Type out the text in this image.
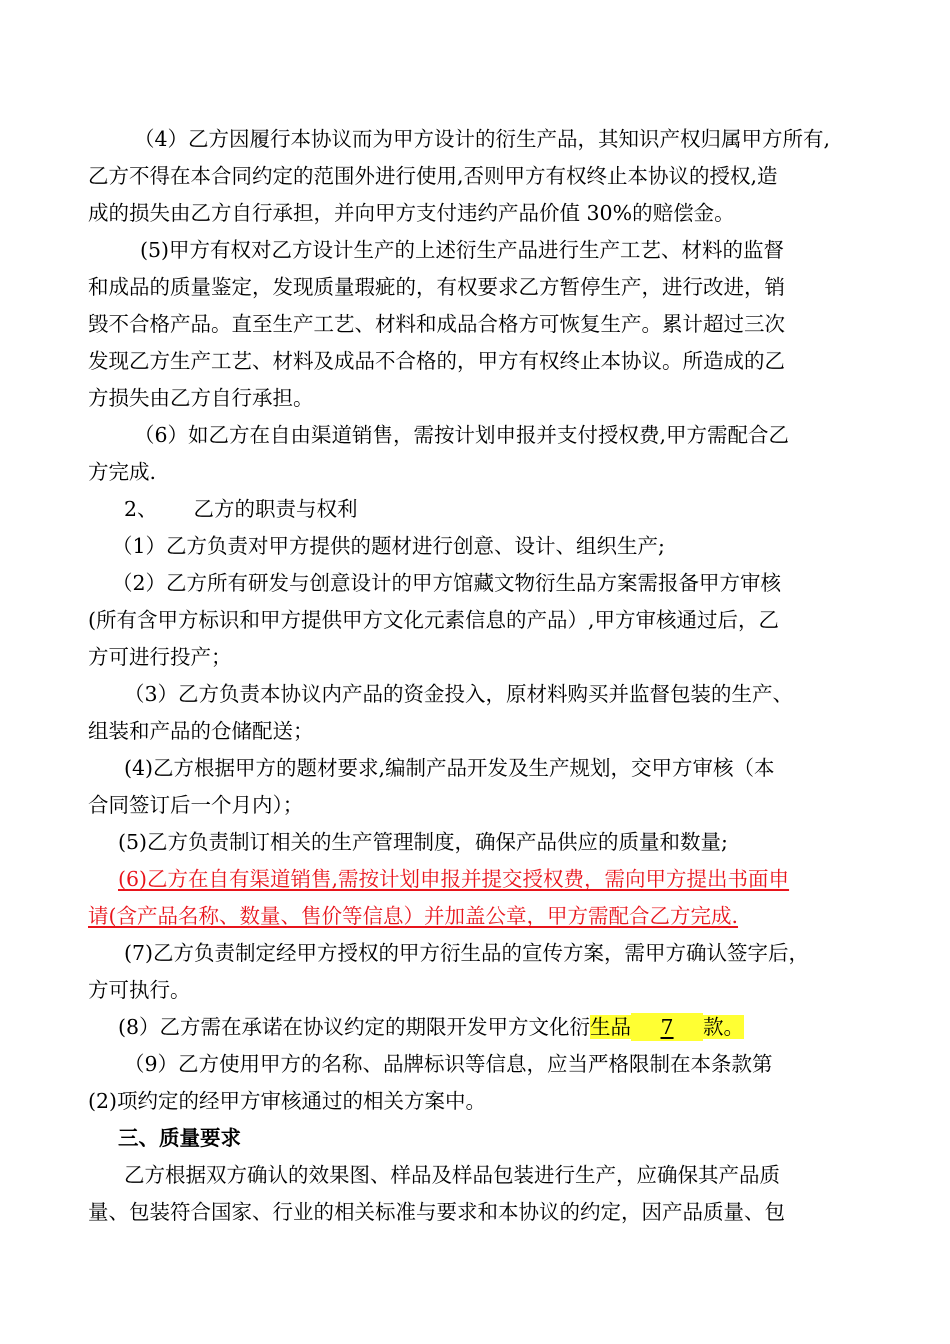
（4）乙方因履行本协议而为甲方设计的衍生产品，其知识产权归属甲方所有,
乙方不得在本合同约定的范围外进行使用,否则甲方有权终止本协议的授权,造
成的损失由乙方自行承担，并向甲方支付违约产品价值 30%的赔偿金。
(5)甲方有权对乙方设计生产的上述衍生产品进行生产工艺、材料的监督
和成品的质量鉴定，发现质量瑕疵的，有权要求乙方暂停生产，进行改进，销
毁不合格产品。直至生产工艺、材料和成品合格方可恢复生产。累计超过三次
发现乙方生产工艺、材料及成品不合格的，甲方有权终止本协议。所造成的乙
方损失由乙方自行承担。
（6）如乙方在自由渠道销售，需按计划申报并支付授权费,甲方需配合乙
方完成.
2、 乙方的职责与权利
（1）乙方负责对甲方提供的题材进行创意、设计、组织生产;
（2）乙方所有研发与创意设计的甲方馆藏文物衍生品方案需报备甲方审核
(所有含甲方标识和甲方提供甲方文化元素信息的产品）,甲方审核通过后，乙
方可进行投产；
（3）乙方负责本协议内产品的资金投入，原材料购买并监督包装的生产、
组装和产品的仓储配送；
(4)乙方根据甲方的题材要求,编制产品开发及生产规划，交甲方审核（本
合同签订后一个月内）；
(5)乙方负责制订相关的生产管理制度，确保产品供应的质量和数量;
(6)乙方在自有渠道销售,需按计划申报并提交授权费，需向甲方提出书面申
请(含产品名称、数量、售价等信息）并加盖公章，甲方需配合乙方完成.
(7)乙方负责制定经甲方授权的甲方衍生品的宣传方案，需甲方确认签字后，
方可执行。
(8）乙方需在承诺在协议约定的期限开发甲方文化衍生品 7 款。
（9）乙方使用甲方的名称、品牌标识等信息，应当严格限制在本条款第
(2)项约定的经甲方审核通过的相关方案中。
三、质量要求
乙方根据双方确认的效果图、样品及样品包装进行生产，应确保其产品质
量、包装符合国家、行业的相关标准与要求和本协议的约定，因产品质量、包
